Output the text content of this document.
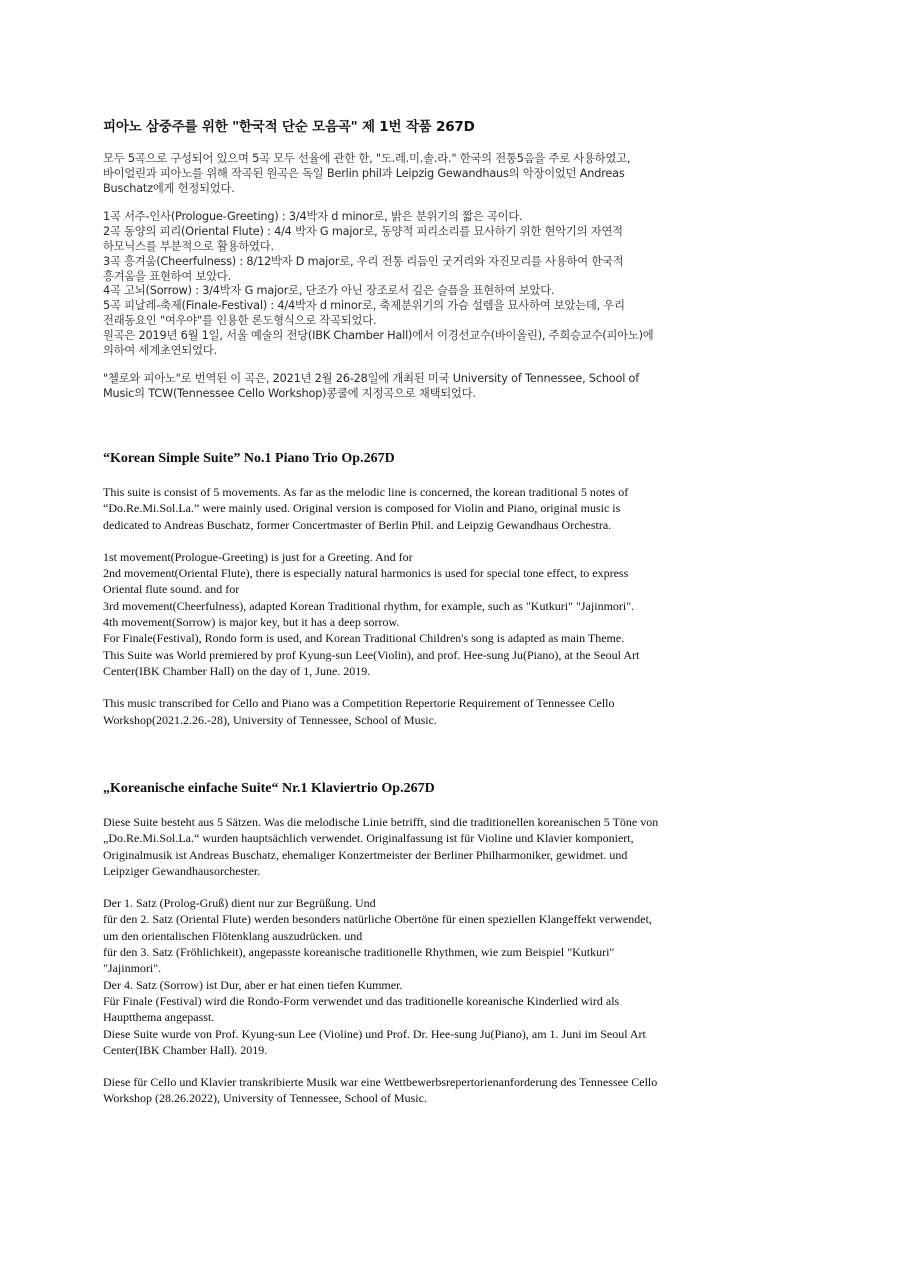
피아노 삼중주를 위한 "한국적 단순 모음곡" 제 1번 작품 267D

모두 5곡으로 구성되어 있으며 5곡 모두 선율에 관한 한, "도.레.미.솔.라." 한국의 전통5음을 주로 사용하였고,
바이얼린과 피아노를 위해 작곡된 원곡은 독일 Berlin phil과 Leipzig Gewandhaus의 악장이었던 Andreas
Buschatz에게 헌정되었다.

1곡 서주-인사(Prologue-Greeting) : 3/4박자 d minor로, 밝은 분위기의 짧은 곡이다.
2곡 동양의 피리(Oriental Flute) : 4/4 박자 G major로, 동양적 피리소리를 묘사하기 위한 현악기의 자연적
하모닉스를 부분적으로 활용하였다.
3곡 흥겨움(Cheerfulness) : 8/12박자 D major로, 우리 전통 리듬인 굿거리와 자진모리를 사용하여 한국적
흥겨움을 표현하여 보았다.
4곡 고뇌(Sorrow) : 3/4박자 G major로, 단조가 아닌 장조로서 깊은 슬픔을 표현하여 보았다.
5곡 피날레-축제(Finale-Festival) : 4/4박자 d minor로, 축제분위기의 가슴 설렘을 묘사하여 보았는데, 우리
전래동요인 "여우야"를 인용한 론도형식으로 작곡되었다.
원곡은 2019년 6월 1일, 서울 예술의 전당(IBK Chamber Hall)에서 이경선교수(바이올린), 주희승교수(피아노)에
의하여 세계초연되었다.

"첼로와 피아노"로 번역된 이 곡은, 2021년 2월 26-28일에 개최된 미국 University of Tennessee, School of
Music의 TCW(Tennessee Cello Workshop)콩쿨에 지정곡으로 채택되었다.

“Korean Simple Suite” No.1 Piano Trio Op.267D

This suite is consist of 5 movements. As far as the melodic line is concerned, the korean traditional 5 notes of
“Do.Re.Mi.Sol.La.” were mainly used. Original version is composed for Violin and Piano, original music is
dedicated to Andreas Buschatz, former Concertmaster of Berlin Phil. and Leipzig Gewandhaus Orchestra.

1st movement(Prologue-Greeting) is just for a Greeting. And for
2nd movement(Oriental Flute), there is especially natural harmonics is used for special tone effect, to express
Oriental flute sound. and for
3rd movement(Cheerfulness), adapted Korean Traditional rhythm, for example, such as "Kutkuri" "Jajinmori".
4th movement(Sorrow) is major key, but it has a deep sorrow.
For Finale(Festival), Rondo form is used, and Korean Traditional Children's song is adapted as main Theme.
This Suite was World premiered by prof Kyung-sun Lee(Violin), and prof. Hee-sung Ju(Piano), at the Seoul Art
Center(IBK Chamber Hall) on the day of 1, June. 2019.

This music transcribed for Cello and Piano was a Competition Repertorie Requirement of Tennessee Cello
Workshop(2021.2.26.-28), University of Tennessee, School of Music.

„Koreanische einfache Suite“ Nr.1 Klaviertrio Op.267D

Diese Suite besteht aus 5 Sätzen. Was die melodische Linie betrifft, sind die traditionellen koreanischen 5 Töne von
„Do.Re.Mi.Sol.La.“ wurden hauptsächlich verwendet. Originalfassung ist für Violine und Klavier komponiert,
Originalmusik ist Andreas Buschatz, ehemaliger Konzertmeister der Berliner Philharmoniker, gewidmet. und
Leipziger Gewandhausorchester.

Der 1. Satz (Prolog-Gruß) dient nur zur Begrüßung. Und
für den 2. Satz (Oriental Flute) werden besonders natürliche Obertöne für einen speziellen Klangeffekt verwendet,
um den orientalischen Flötenklang auszudrücken. und
für den 3. Satz (Fröhlichkeit), angepasste koreanische traditionelle Rhythmen, wie zum Beispiel "Kutkuri"
"Jajinmori".
Der 4. Satz (Sorrow) ist Dur, aber er hat einen tiefen Kummer.
Für Finale (Festival) wird die Rondo-Form verwendet und das traditionelle koreanische Kinderlied wird als
Hauptthema angepasst.
Diese Suite wurde von Prof. Kyung-sun Lee (Violine) und Prof. Dr. Hee-sung Ju(Piano), am 1. Juni im Seoul Art
Center(IBK Chamber Hall). 2019.

Diese für Cello und Klavier transkribierte Musik war eine Wettbewerbsrepertorienanforderung des Tennessee Cello
Workshop (28.26.2022), University of Tennessee, School of Music.
